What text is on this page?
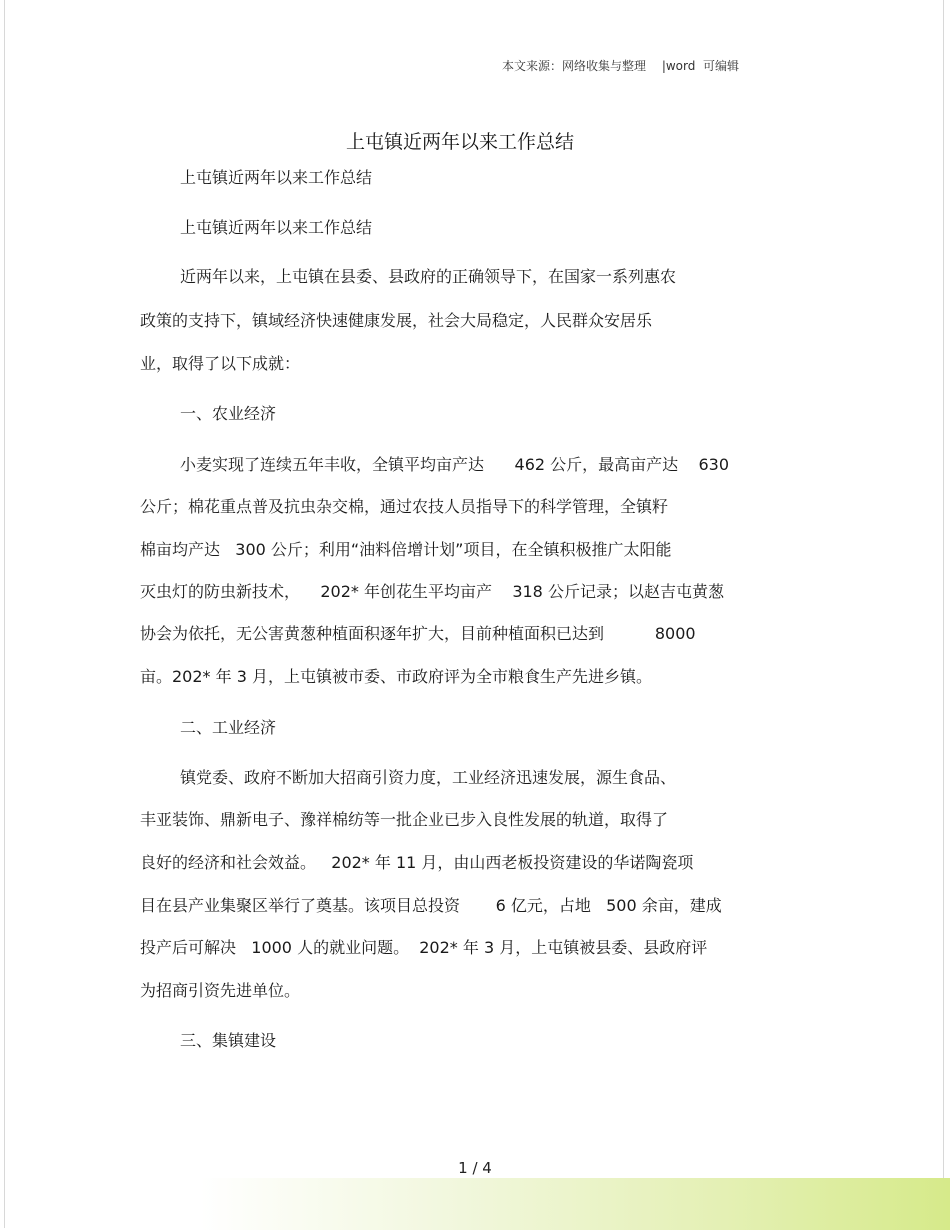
本文来源：网络收集与整理　 |word  可编辑
上屯镇近两年以来工作总结
上屯镇近两年以来工作总结
上屯镇近两年以来工作总结
近两年以来，上屯镇在县委、县政府的正确领导下，在国家一系列惠农
政策的支持下，镇域经济快速健康发展，社会大局稳定，人民群众安居乐
业，取得了以下成就：
一、农业经济
小麦实现了连续五年丰收，全镇平均亩产达      462 公斤，最高亩产达    630
公斤；棉花重点普及抗虫杂交棉，通过农技人员指导下的科学管理，全镇籽
棉亩均产达   300 公斤；利用“油料倍增计划”项目，在全镇积极推广太阳能
灭虫灯的防虫新技术，    202* 年创花生平均亩产    318 公斤记录；以赵吉屯黄葱
协会为依托，无公害黄葱种植面积逐年扩大，目前种植面积已达到          8000
亩。202* 年 3 月，上屯镇被市委、市政府评为全市粮食生产先进乡镇。
二、工业经济
镇党委、政府不断加大招商引资力度，工业经济迅速发展，源生食品、
丰亚装饰、鼎新电子、豫祥棉纺等一批企业已步入良性发展的轨道，取得了
良好的经济和社会效益。   202* 年 11 月，由山西老板投资建设的华诺陶瓷项
目在县产业集聚区举行了奠基。该项目总投资       6 亿元，占地   500 余亩，建成
投产后可解决   1000 人的就业问题。  202* 年 3 月，上屯镇被县委、县政府评
为招商引资先进单位。
三、集镇建设
1 / 4
